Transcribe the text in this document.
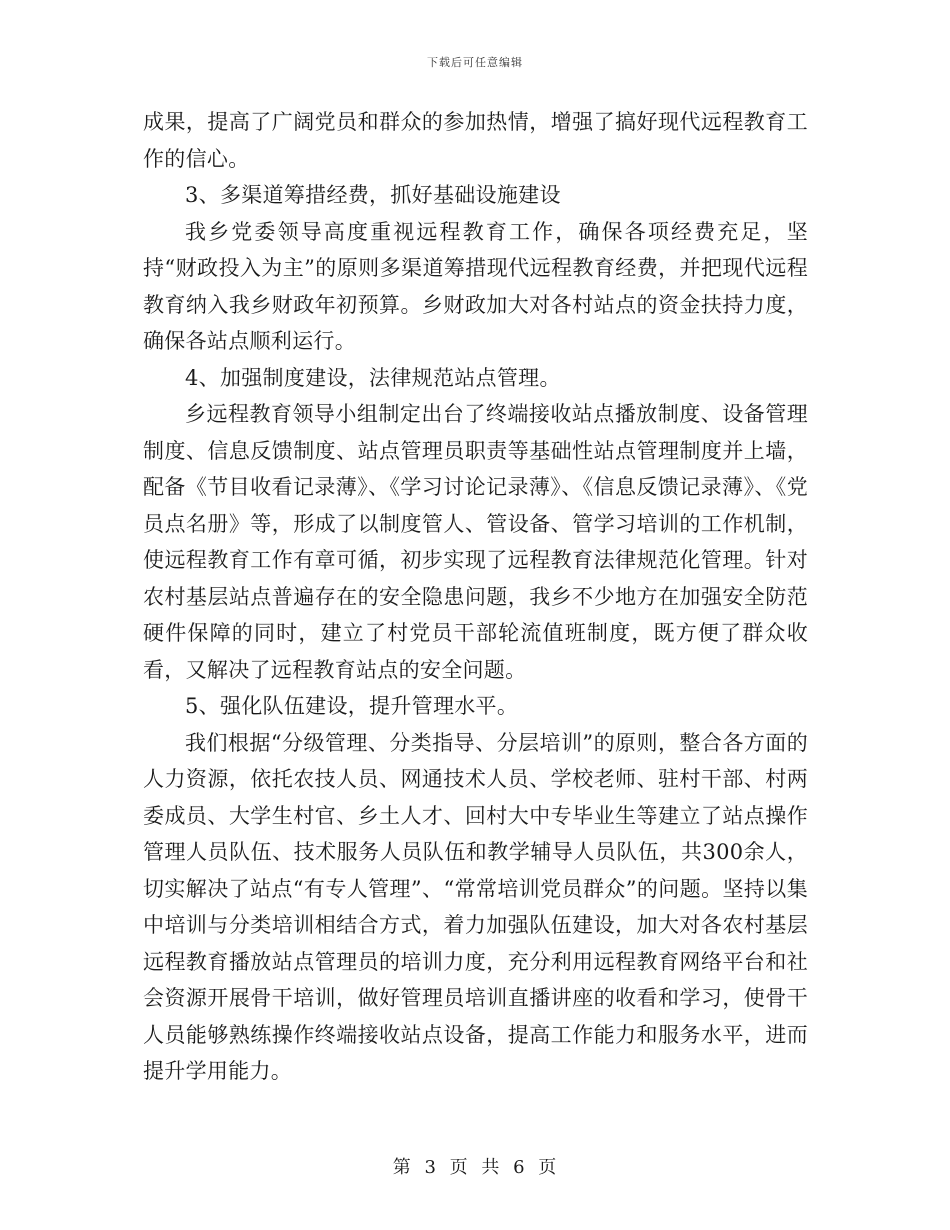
下载后可任意编辑

成果，提高了广阔党员和群众的参加热情，增强了搞好现代远程教育工作的信心。

3、多渠道筹措经费，抓好基础设施建设

我乡党委领导高度重视远程教育工作，确保各项经费充足，坚持“财政投入为主”的原则多渠道筹措现代远程教育经费，并把现代远程教育纳入我乡财政年初预算。乡财政加大对各村站点的资金扶持力度，确保各站点顺利运行。

4、加强制度建设，法律规范站点管理。

乡远程教育领导小组制定出台了终端接收站点播放制度、设备管理制度、信息反馈制度、站点管理员职责等基础性站点管理制度并上墙，配备《节目收看记录薄》、《学习讨论记录薄》、《信息反馈记录薄》、《党员点名册》等，形成了以制度管人、管设备、管学习培训的工作机制，使远程教育工作有章可循，初步实现了远程教育法律规范化管理。针对农村基层站点普遍存在的安全隐患问题，我乡不少地方在加强安全防范硬件保障的同时，建立了村党员干部轮流值班制度，既方便了群众收看，又解决了远程教育站点的安全问题。

5、强化队伍建设，提升管理水平。

我们根据“分级管理、分类指导、分层培训”的原则，整合各方面的人力资源，依托农技人员、网通技术人员、学校老师、驻村干部、村两委成员、大学生村官、乡土人才、回村大中专毕业生等建立了站点操作管理人员队伍、技术服务人员队伍和教学辅导人员队伍，共300余人，切实解决了站点“有专人管理”、“常常培训党员群众”的问题。坚持以集中培训与分类培训相结合方式，着力加强队伍建设，加大对各农村基层远程教育播放站点管理员的培训力度，充分利用远程教育网络平台和社会资源开展骨干培训，做好管理员培训直播讲座的收看和学习，使骨干人员能够熟练操作终端接收站点设备，提高工作能力和服务水平，进而提升学用能力。

第 3 页 共 6 页
